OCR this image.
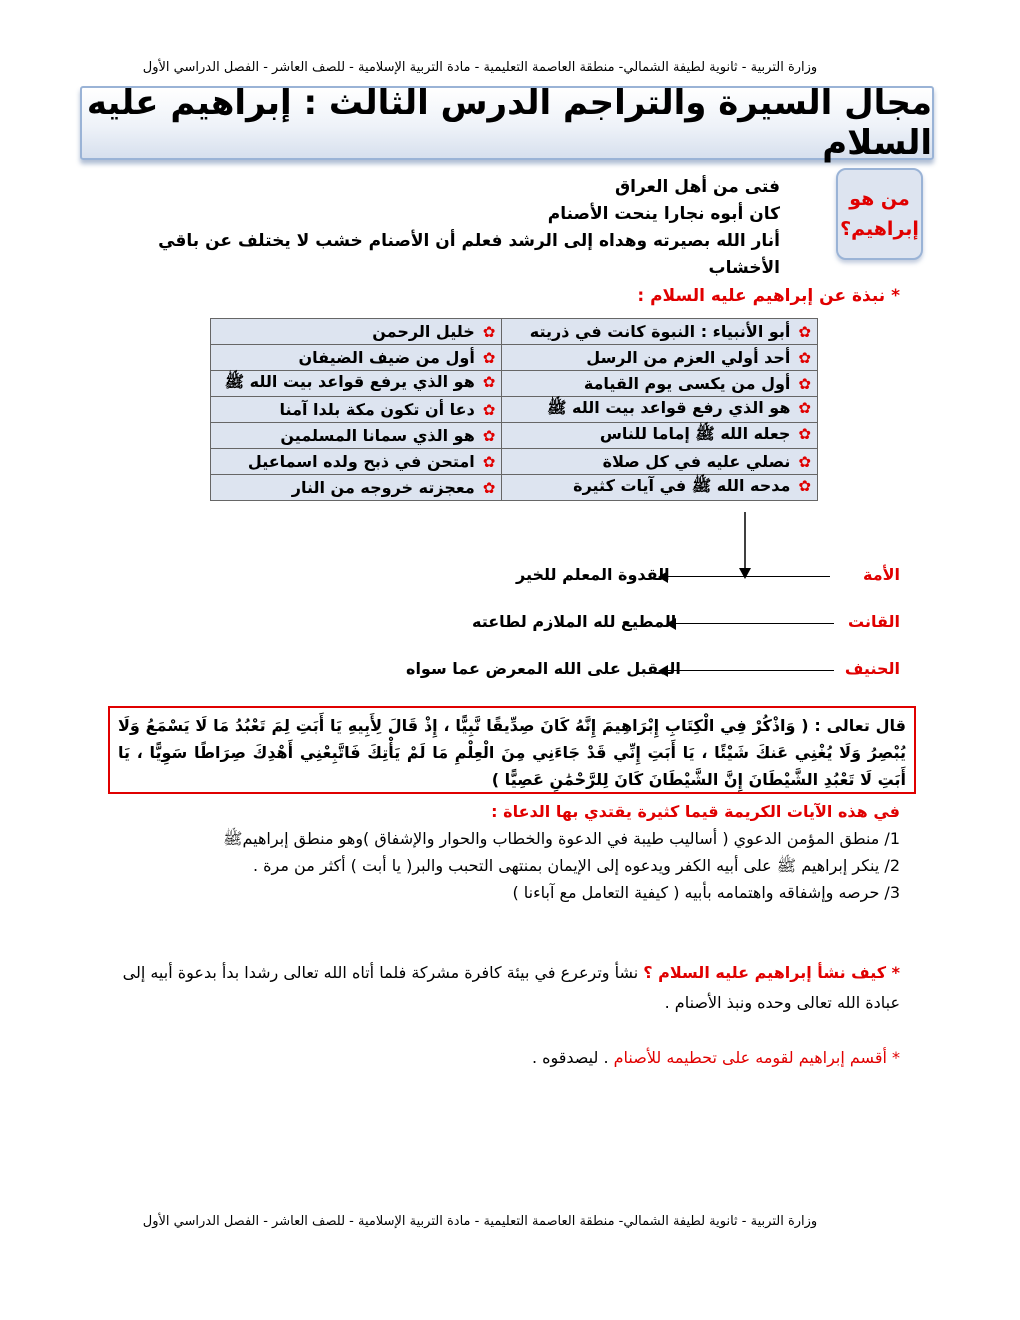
وزارة التربية - ثانوية لطيفة الشمالي- منطقة العاصمة التعليمية - مادة التربية الإسلامية - للصف العاشر - الفصل الدراسي الأول
مجال السيرة والتراجم الدرس الثالث : إبراهيم عليه السلام
من هو
إبراهيم؟
فتى من أهل العراق
كان أبوه نجارا ينحت الأصنام
أنار الله بصيرته وهداه إلى الرشد فعلم أن الأصنام خشب لا يختلف عن باقي الأخشاب
* نبذة عن إبراهيم عليه السلام :
✿أبو الأنبياء : النبوة كانت في ذريته	✿خليل الرحمن
✿أحد أولي العزم من الرسل	✿أول من ضيف الضيفان
✿أول من يكسى يوم القيامة	✿هو الذي يرفع قواعد بيت الله ﷺ
✿هو الذي رفع قواعد بيت الله ﷺ	✿دعا أن تكون مكة بلدا آمنا
✿جعله الله ﷺ إماما للناس	✿هو الذي سمانا المسلمين
✿نصلي عليه في كل صلاة	✿امتحن في ذبح ولده اسماعيل
✿مدحه الله ﷺ في آيات كثيرة	✿معجزته خروجه من النار
الأمة
القدوة المعلم للخير
القانت
المطيع لله الملازم لطاعته
الحنيف
المقبل على الله المعرض عما سواه
قال تعالى : ( وَاذْكُرْ فِي الْكِتَابِ إِبْرَاهِيمَ إِنَّهُ كَانَ صِدِّيقًا نَّبِيًّا ، إِذْ قَالَ لِأَبِيهِ يَا أَبَتِ لِمَ تَعْبُدُ مَا لَا يَسْمَعُ وَلَا يُبْصِرُ وَلَا يُغْنِي عَنكَ شَيْئًا ، يَا أَبَتِ إِنِّي قَدْ جَاءَنِي مِنَ الْعِلْمِ مَا لَمْ يَأْتِكَ فَاتَّبِعْنِي أَهْدِكَ صِرَاطًا سَوِيًّا ، يَا أَبَتِ لَا تَعْبُدِ الشَّيْطَانَ إِنَّ الشَّيْطَانَ كَانَ لِلرَّحْمَٰنِ عَصِيًّا )
في هذه الآيات الكريمة قيما كثيرة يقتدي بها الدعاة :
1/ منطق المؤمن الدعوي ( أساليب طيبة في الدعوة والخطاب والحوار والإشفاق )وهو منطق إبراهيم‎ﷺ
2/ ينكر إبراهيم ﷺ على أبيه الكفر ويدعوه إلى الإيمان بمنتهى التحبب والبر( يا أبت ) أكثر من مرة .
3/ حرصه وإشفاقه واهتمامه بأبيه ( كيفية التعامل مع آباءنا )
* كيف نشأ إبراهيم عليه السلام ؟ نشأ وترعرع في بيئة كافرة مشركة فلما أتاه الله تعالى رشدا بدأ بدعوة أبيه إلى عبادة الله تعالى وحده ونبذ الأصنام .
* أقسم إبراهيم لقومه على تحطيمه للأصنام . ليصدقوه .
وزارة التربية - ثانوية لطيفة الشمالي- منطقة العاصمة التعليمية - مادة التربية الإسلامية - للصف العاشر - الفصل الدراسي الأول
